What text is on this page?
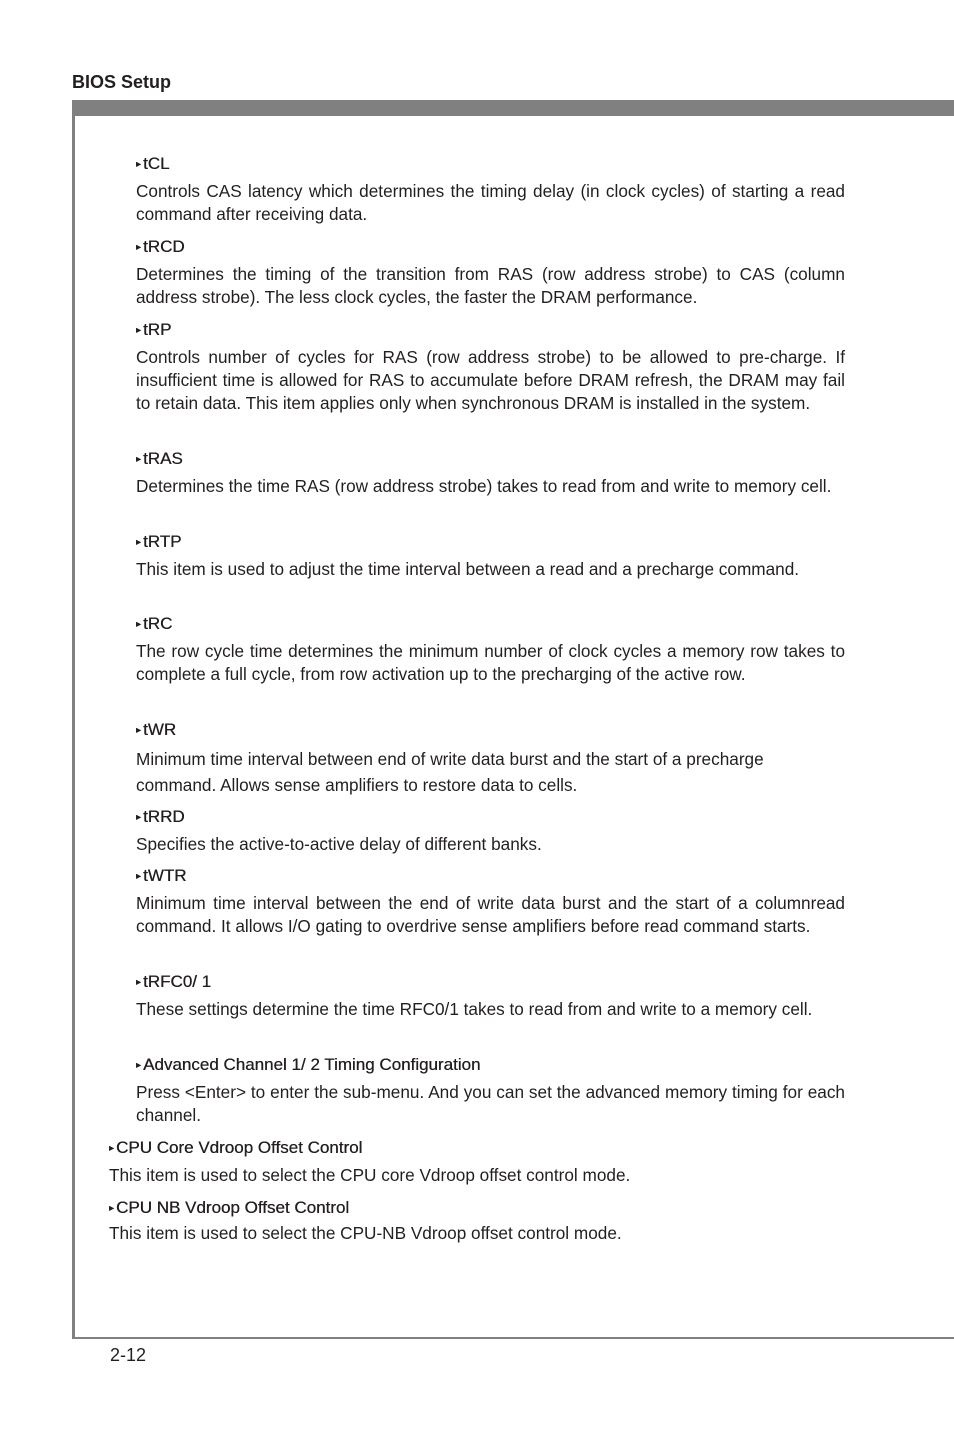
BIOS Setup
▸ tCL
Controls CAS latency which determines the timing delay (in clock cycles) of starting a read command after receiving data.
▸ tRCD
Determines the timing of the transition from RAS (row address strobe) to CAS (column address strobe). The less clock cycles, the faster the DRAM performance.
▸ tRP
Controls number of cycles for RAS (row address strobe) to be allowed to pre-charge. If insufficient time is allowed for RAS to accumulate before DRAM refresh, the DRAM may fail to retain data. This item applies only when synchronous DRAM is installed in the system.
▸ tRAS
Determines the time RAS (row address strobe) takes to read from and write to memory cell.
▸ tRTP
This item is used to adjust the time interval between a read and a precharge command.
▸ tRC
The row cycle time determines the minimum number of clock cycles a memory row takes to complete a full cycle, from row activation up to the precharging of the active row.
▸ tWR
Minimum time interval between end of write data burst and the start of a precharge command. Allows sense amplifiers to restore data to cells.
▸ tRRD
Specifies the active-to-active delay of different banks.
▸ tWTR
Minimum time interval between the end of write data burst and the start of a columnread command. It allows I/O gating to overdrive sense amplifiers before read command starts.
▸ tRFC0/ 1
These settings determine the time RFC0/1 takes to read from and write to a memory cell.
▸ Advanced Channel 1/ 2 Timing Configuration
Press <Enter> to enter the sub-menu. And you can set the advanced memory timing for each channel.
▸ CPU Core Vdroop Offset Control
This item is used to select the CPU core Vdroop offset control mode.
▸ CPU NB Vdroop Offset Control
This item is used to select the CPU-NB Vdroop offset control mode.
2-12
